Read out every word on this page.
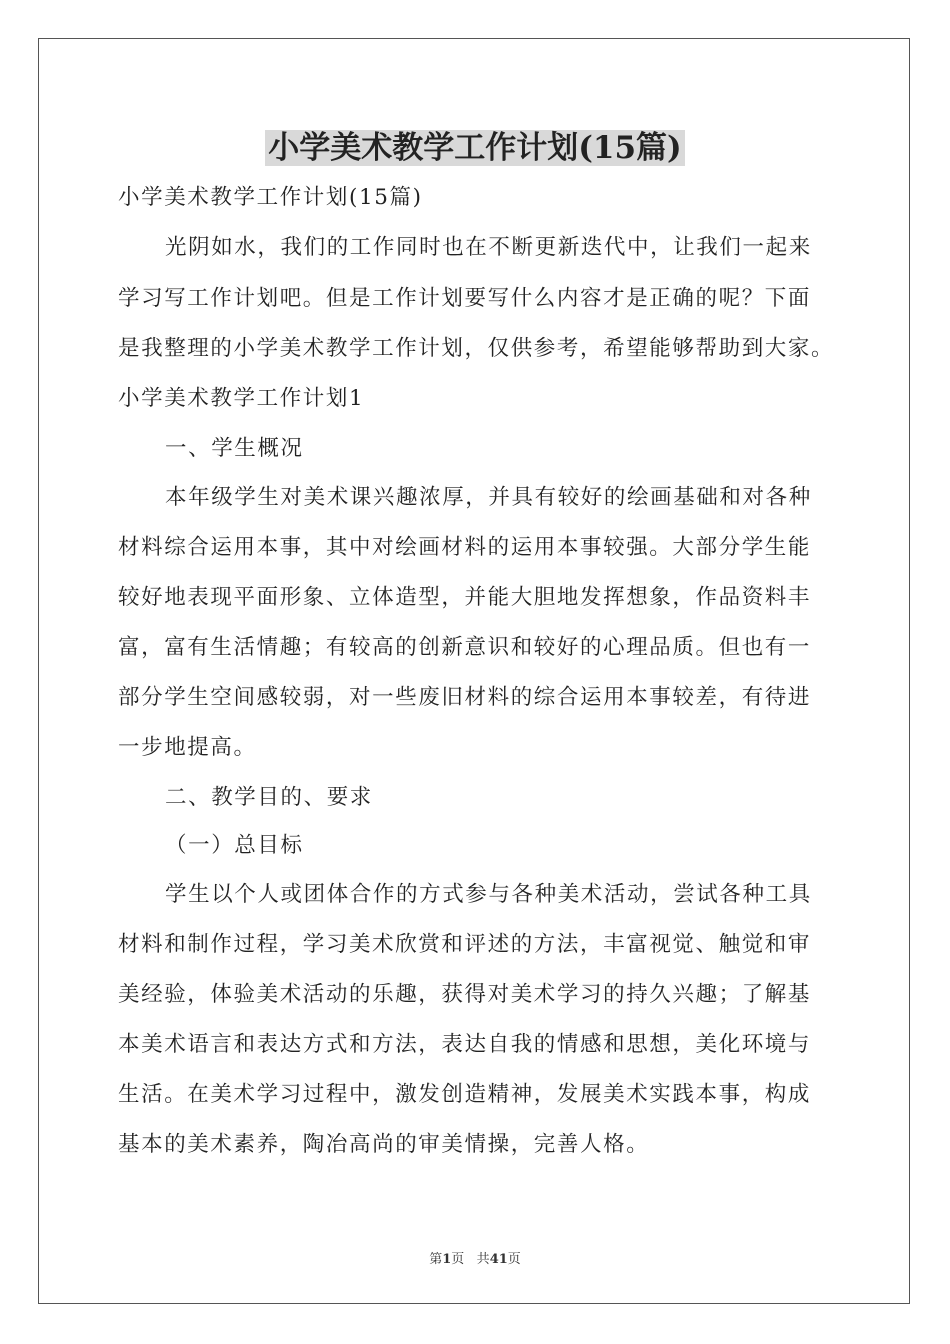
小学美术教学工作计划(15篇)
小学美术教学工作计划(15篇)
光阴如水，我们的工作同时也在不断更新迭代中，让我们一起来
学习写工作计划吧。但是工作计划要写什么内容才是正确的呢？下面
是我整理的小学美术教学工作计划，仅供参考，希望能够帮助到大家。
小学美术教学工作计划1
一、学生概况
本年级学生对美术课兴趣浓厚，并具有较好的绘画基础和对各种
材料综合运用本事，其中对绘画材料的运用本事较强。大部分学生能
较好地表现平面形象、立体造型，并能大胆地发挥想象，作品资料丰
富，富有生活情趣；有较高的创新意识和较好的心理品质。但也有一
部分学生空间感较弱，对一些废旧材料的综合运用本事较差，有待进
一步地提高。
二、教学目的、要求
（一）总目标
学生以个人或团体合作的方式参与各种美术活动，尝试各种工具
材料和制作过程，学习美术欣赏和评述的方法，丰富视觉、触觉和审
美经验，体验美术活动的乐趣，获得对美术学习的持久兴趣；了解基
本美术语言和表达方式和方法，表达自我的情感和思想，美化环境与
生活。在美术学习过程中，激发创造精神，发展美术实践本事，构成
基本的美术素养，陶冶高尚的审美情操，完善人格。
第1页 共41页
